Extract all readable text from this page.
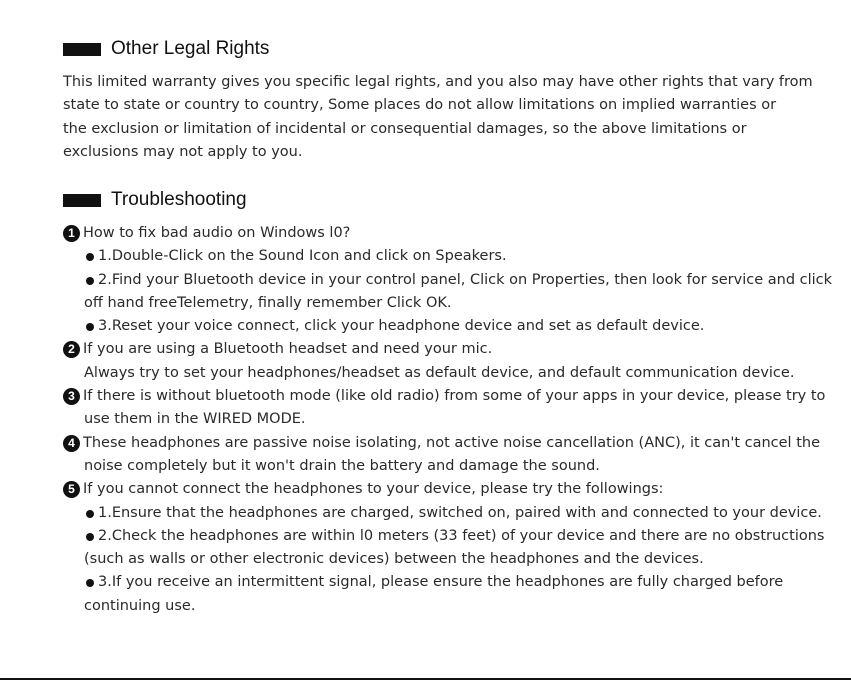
Other Legal Rights
This limited warranty gives you specific legal rights, and you also may have other rights that vary from
state to state or country to country, Some places do not allow limitations on implied warranties or
the exclusion or limitation of incidental or consequential damages, so the above limitations or
exclusions may not apply to you.
Troubleshooting
1 How to fix bad audio on Windows l0?
1.Double-Click on the Sound Icon and click on Speakers.
2.Find your Bluetooth device in your control panel, Click on Properties, then look for service and click
off hand freeTelemetry, finally remember Click OK.
3.Reset your voice connect, click your headphone device and set as default device.
2 If you are using a Bluetooth headset and need your mic.
Always try to set your headphones/headset as default device, and default communication device.
3 If there is without bluetooth mode (like old radio) from some of your apps in your device, please try to
use them in the WIRED MODE.
4 These headphones are passive noise isolating, not active noise cancellation (ANC), it can't cancel the
noise completely but it won't drain the battery and damage the sound.
5 If you cannot connect the headphones to your device, please try the followings:
1.Ensure that the headphones are charged, switched on, paired with and connected to your device.
2.Check the headphones are within l0 meters (33 feet) of your device and there are no obstructions
(such as walls or other electronic devices) between the headphones and the devices.
3.If you receive an intermittent signal, please ensure the headphones are fully charged before
continuing use.
